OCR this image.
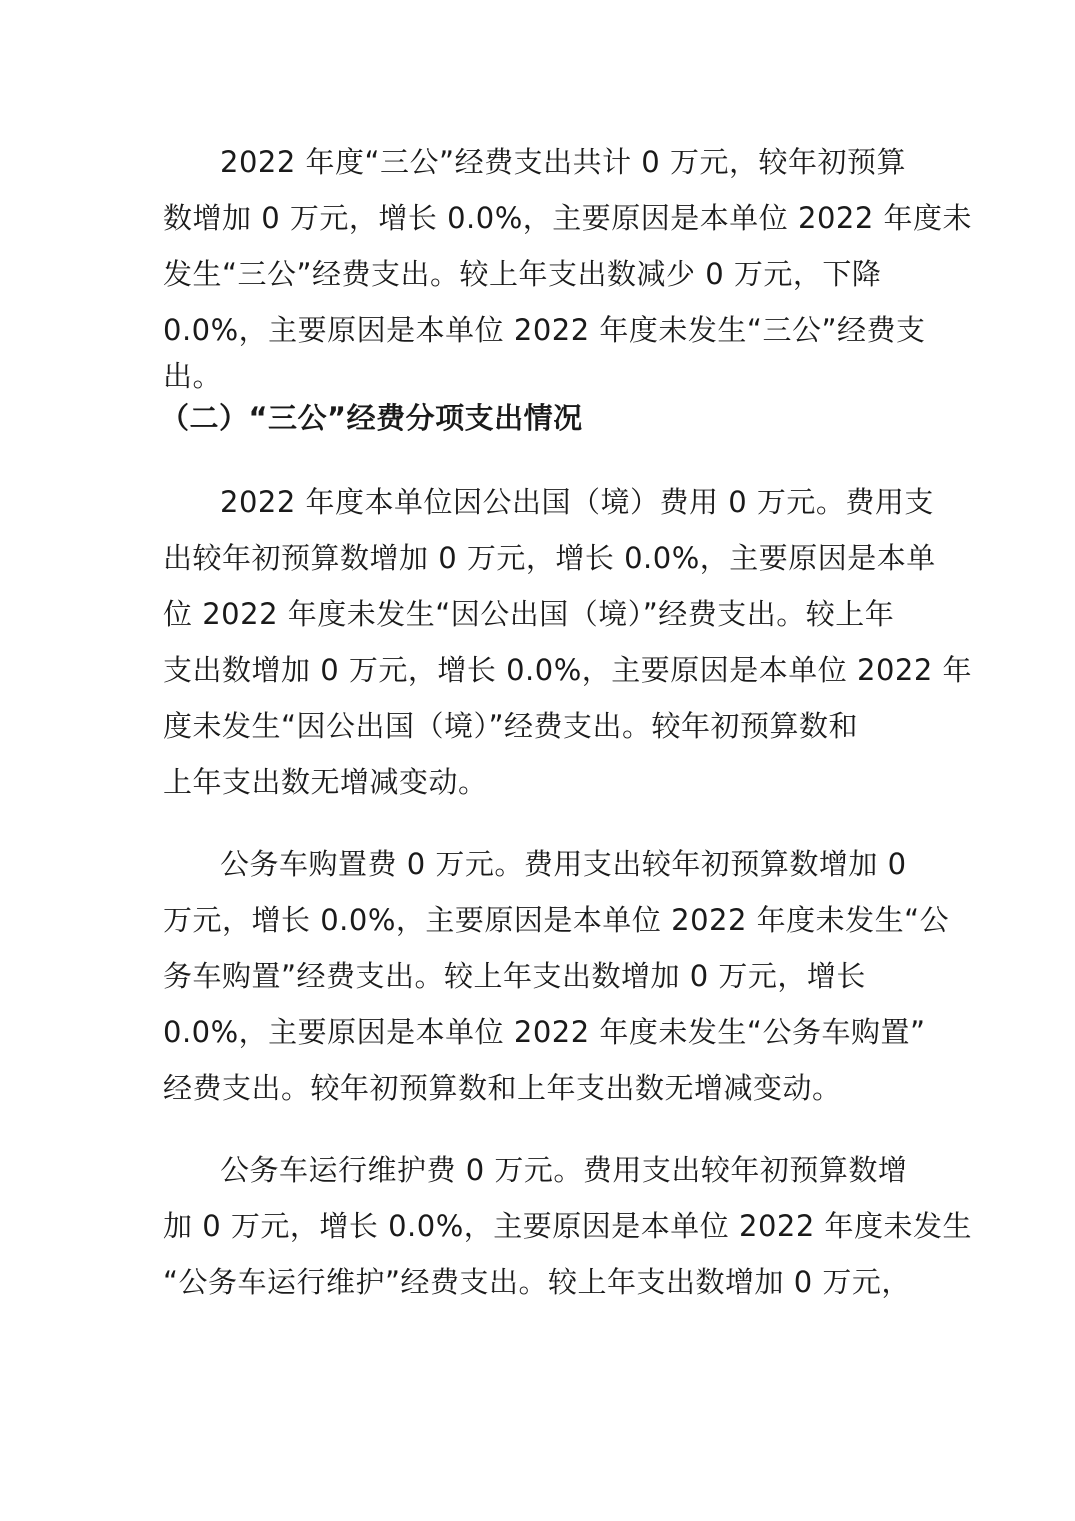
2022 年度“三公”经费支出共计 0 万元，较年初预算
数增加 0 万元，增长 0.0%，主要原因是本单位 2022 年度未
发生“三公”经费支出。较上年支出数减少 0 万元，下降
0.0%，主要原因是本单位 2022 年度未发生“三公”经费支
出。
（二）“三公”经费分项支出情况
2022 年度本单位因公出国（境）费用 0 万元。费用支
出较年初预算数增加 0 万元，增长 0.0%，主要原因是本单
位 2022 年度未发生“因公出国（境）”经费支出。较上年
支出数增加 0 万元，增长 0.0%，主要原因是本单位 2022 年
度未发生“因公出国（境）”经费支出。较年初预算数和
上年支出数无增减变动。
公务车购置费 0 万元。费用支出较年初预算数增加 0
万元，增长 0.0%，主要原因是本单位 2022 年度未发生“公
务车购置”经费支出。较上年支出数增加 0 万元，增长
0.0%，主要原因是本单位 2022 年度未发生“公务车购置”
经费支出。较年初预算数和上年支出数无增减变动。
公务车运行维护费 0 万元。费用支出较年初预算数增
加 0 万元，增长 0.0%，主要原因是本单位 2022 年度未发生
“公务车运行维护”经费支出。较上年支出数增加 0 万元，
